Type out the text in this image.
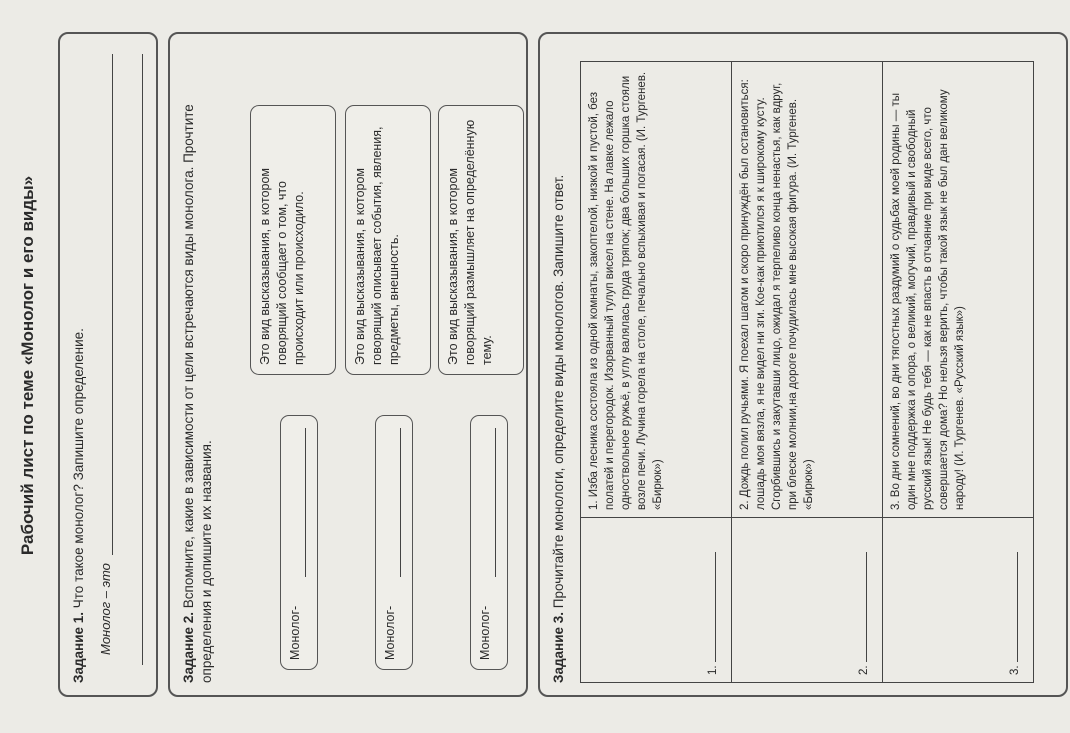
Рабочий лист по теме «Монолог и его виды»
Задание 1. Что такое монолог? Запишите определение.
Монолог – это	Задание 2. Вспомните, какие в зависимости от цели встречаются виды монолога. Прочтите определения и допишите их названия.	Монолог-
Это вид высказывания, в котором говорящий сообщает о том, что происходит или происходило.
Монолог-
Это вид высказывания, в котором говорящий описывает события, явления, предметы, внешность.
Монолог-
Это вид высказывания, в котором говорящий размышляет на определённую тему.
Задание 3. Прочитайте монологи, определите виды монологов. Запишите ответ.
1.	1. Изба лесника состояла из одной комнаты, закоптелой, низкой и пустой, без полатей и перегородок. Изорванный тулуп висел на стене. На лавке лежало одноствольное ружьё, в углу валялась груда тряпок; два больших горшка стояли возле печи. Лучина горела на столе, печально вспыхивая и погасая. (И. Тургенев. «Бирюк»)
2.	2. Дождь полил ручьями. Я поехал шагом и скоро принуждён был остановиться: лошадь моя вязла, я не видел ни зги. Кое-как приютился я к широкому кусту. Сгорбившись и закутавши лицо, ожидал я терпеливо конца ненастья, как вдруг, при блеске молнии,на дороге почудилась мне высокая фигура. (И. Тургенев. «Бирюк»)
3.	3. Во дни сомнений, во дни тягостных раздумий о судьбах моей родины — ты один мне поддержка и опора, о великий, могучий, правдивый и свободный русский язык! Не будь тебя — как не впасть в отчаяние при виде всего, что совершается дома? Но нельзя верить, чтобы такой язык не был дан великому народу! (И. Тургенев. «Русский язык»)
